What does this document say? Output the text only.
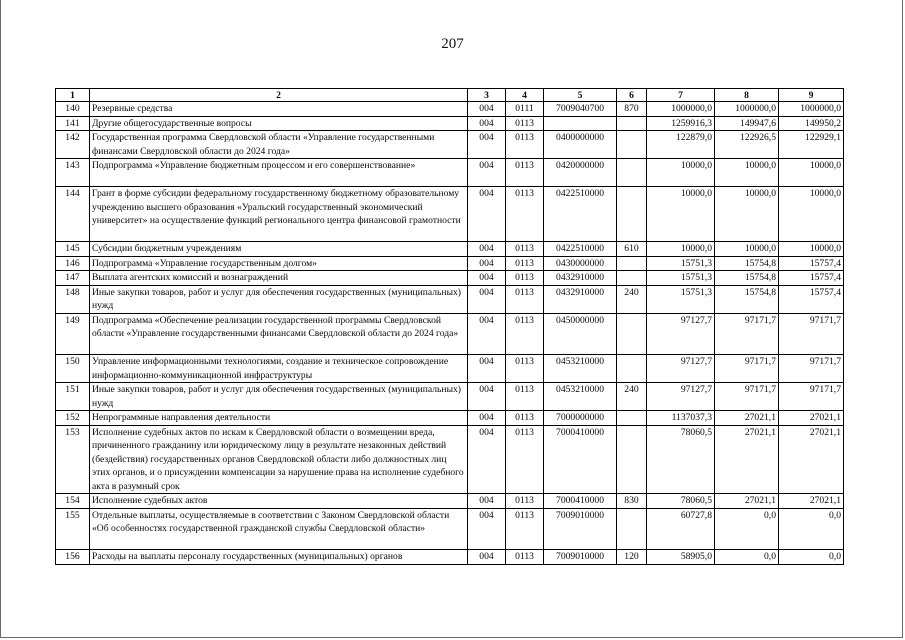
207
1	2	3	4	5	6	7	8	9
140	Резервные средства	004	0111	7009040700	870	1000000,0	1000000,0	1000000,0
141	Другие общегосударственные вопросы	004	0113			1259916,3	149947,6	149950,2
142	Государственная программа Свердловской области «Управление государственными финансами Свердловской области до 2024 года»	004	0113	0400000000		122879,0	122926,5	122929,1
143	Подпрограмма «Управление бюджетным процессом и его совершенствование»	004	0113	0420000000		10000,0	10000,0	10000,0
144	Грант в форме субсидии федеральному государственному бюджетному образовательному учреждению высшего образования «Уральский государственный экономический университет» на осуществление функций регионального центра финансовой грамотности	004	0113	0422510000		10000,0	10000,0	10000,0
145	Субсидии бюджетным учреждениям	004	0113	0422510000	610	10000,0	10000,0	10000,0
146	Подпрограмма «Управление государственным долгом»	004	0113	0430000000		15751,3	15754,8	15757,4
147	Выплата агентских комиссий и вознаграждений	004	0113	0432910000		15751,3	15754,8	15757,4
148	Иные закупки товаров, работ и услуг для обеспечения государственных (муниципальных) нужд	004	0113	0432910000	240	15751,3	15754,8	15757,4
149	Подпрограмма «Обеспечение реализации государственной программы Свердловской области «Управление государственными финансами Свердловской области до 2024 года»	004	0113	0450000000		97127,7	97171,7	97171,7
150	Управление информационными технологиями, создание и техническое сопровождение информационно-коммуникационной инфраструктуры	004	0113	0453210000		97127,7	97171,7	97171,7
151	Иные закупки товаров, работ и услуг для обеспечения государственных (муниципальных) нужд	004	0113	0453210000	240	97127,7	97171,7	97171,7
152	Непрограммные направления деятельности	004	0113	7000000000		1137037,3	27021,1	27021,1
153	Исполнение судебных актов по искам к Свердловской области о возмещении вреда, причиненного гражданину или юридическому лицу в результате незаконных действий (бездействия) государственных органов Свердловской области либо должностных лиц этих органов, и о присуждении компенсации за нарушение права на исполнение судебного акта в разумный срок	004	0113	7000410000		78060,5	27021,1	27021,1
154	Исполнение судебных актов	004	0113	7000410000	830	78060,5	27021,1	27021,1
155	Отдельные выплаты, осуществляемые в соответствии с Законом Свердловской области «Об особенностях государственной гражданской службы Свердловской области»	004	0113	7009010000		60727,8	0,0	0,0
156	Расходы на выплаты персоналу государственных (муниципальных) органов	004	0113	7009010000	120	58905,0	0,0	0,0
